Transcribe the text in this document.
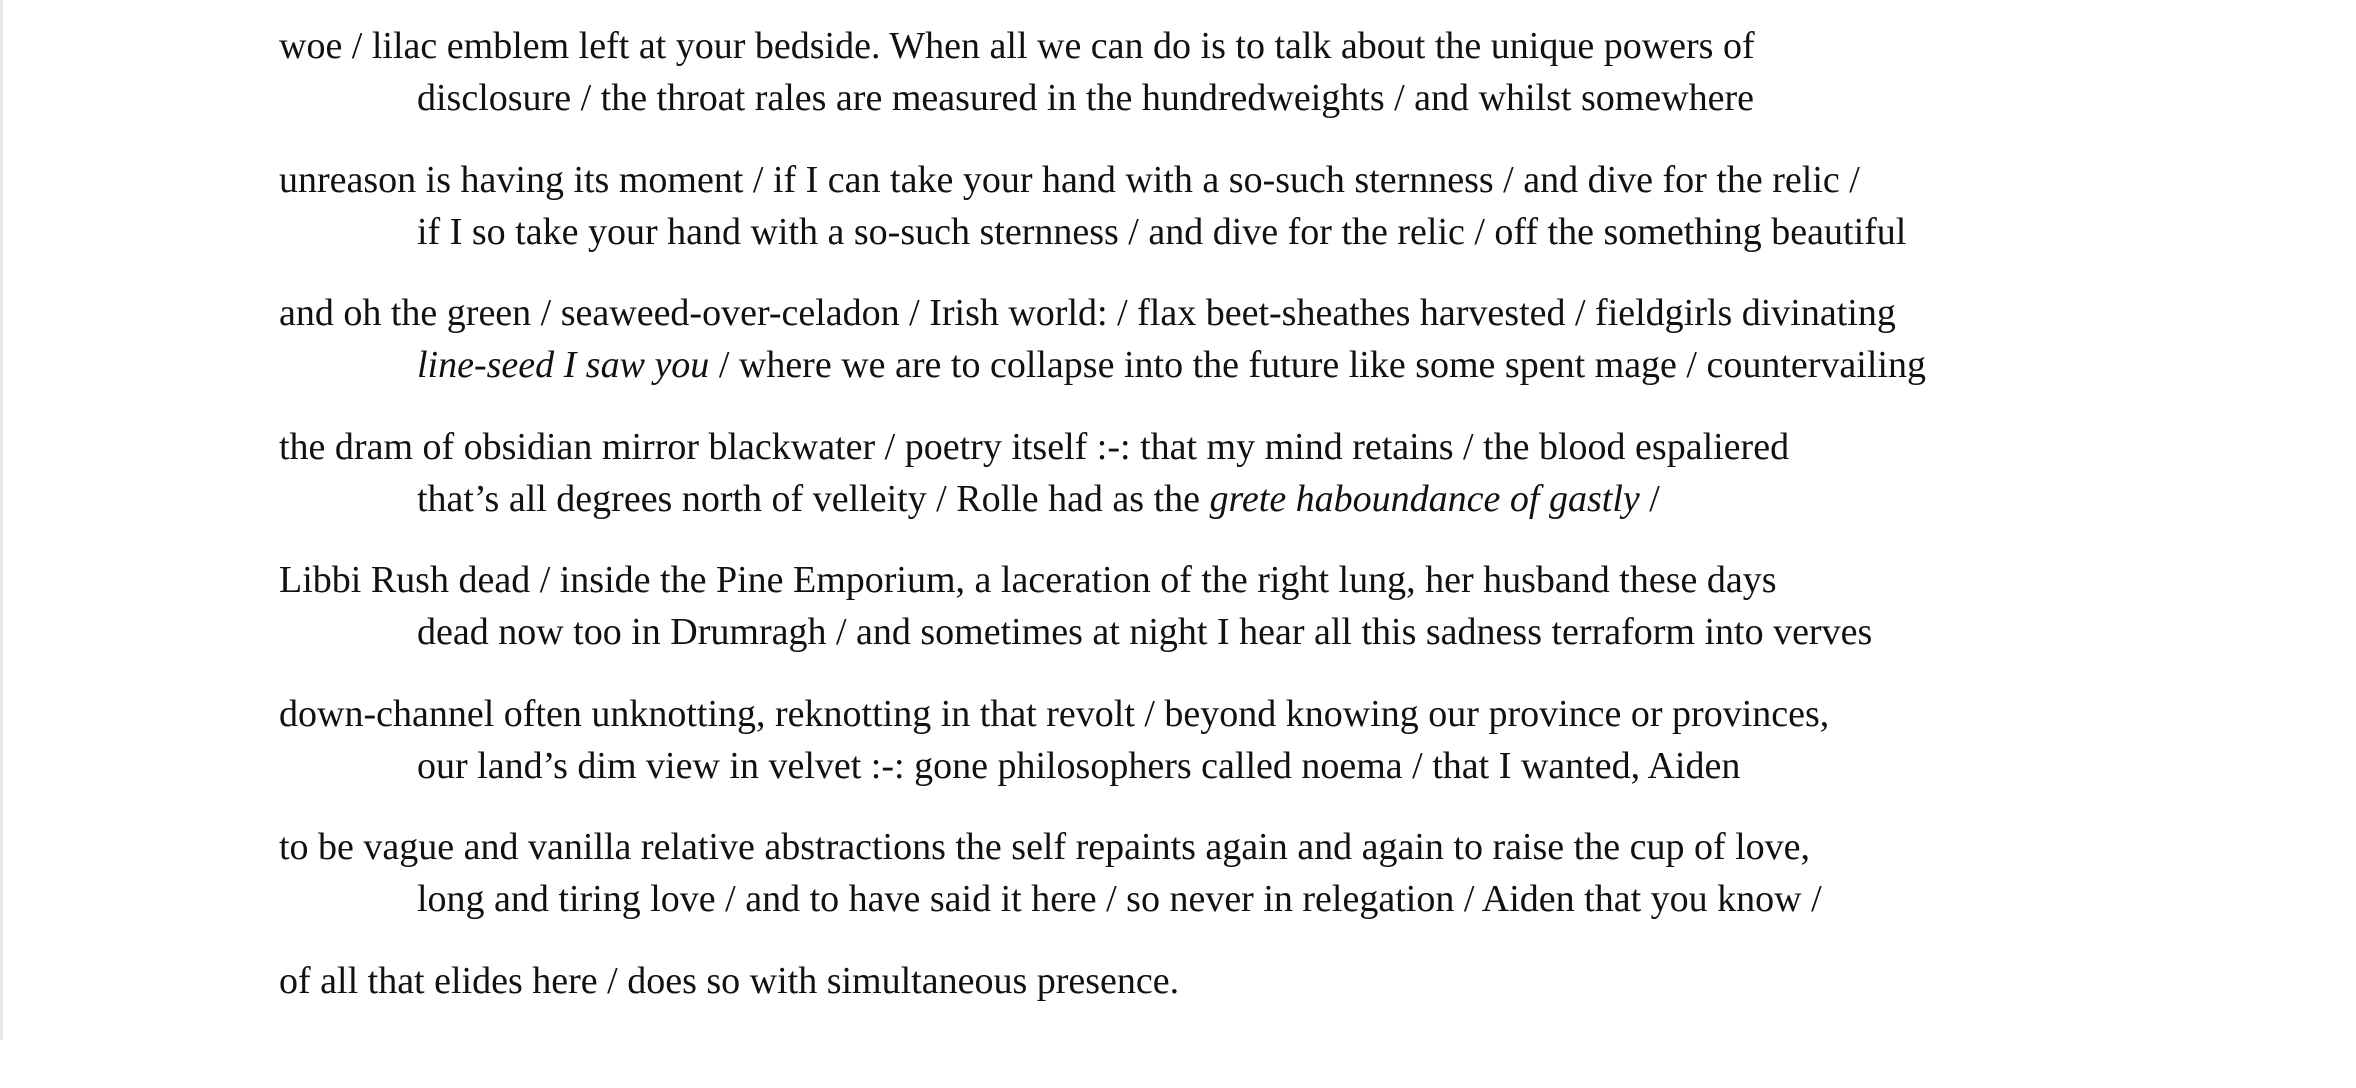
woe / lilac emblem left at your bedside. When all we can do is to talk about the unique powers of
disclosure / the throat rales are measured in the hundredweights / and whilst somewhere
unreason is having its moment / if I can take your hand with a so-such sternness / and dive for the relic /
if I so take your hand with a so-such sternness / and dive for the relic / off the something beautiful
and oh the green / seaweed-over-celadon / Irish world: / flax beet-sheathes harvested / fieldgirls divinating
line-seed I saw you / where we are to collapse into the future like some spent mage / countervailing
the dram of obsidian mirror blackwater / poetry itself :-: that my mind retains / the blood espaliered
that’s all degrees north of velleity / Rolle had as the grete haboundance of gastly /
Libbi Rush dead / inside the Pine Emporium, a laceration of the right lung, her husband these days
dead now too in Drumragh / and sometimes at night I hear all this sadness terraform into verves
down-channel often unknotting, reknotting in that revolt / beyond knowing our province or provinces,
our land’s dim view in velvet :-: gone philosophers called noema / that I wanted, Aiden
to be vague and vanilla relative abstractions the self repaints again and again to raise the cup of love,
long and tiring love / and to have said it here / so never in relegation / Aiden that you know /
of all that elides here / does so with simultaneous presence.
